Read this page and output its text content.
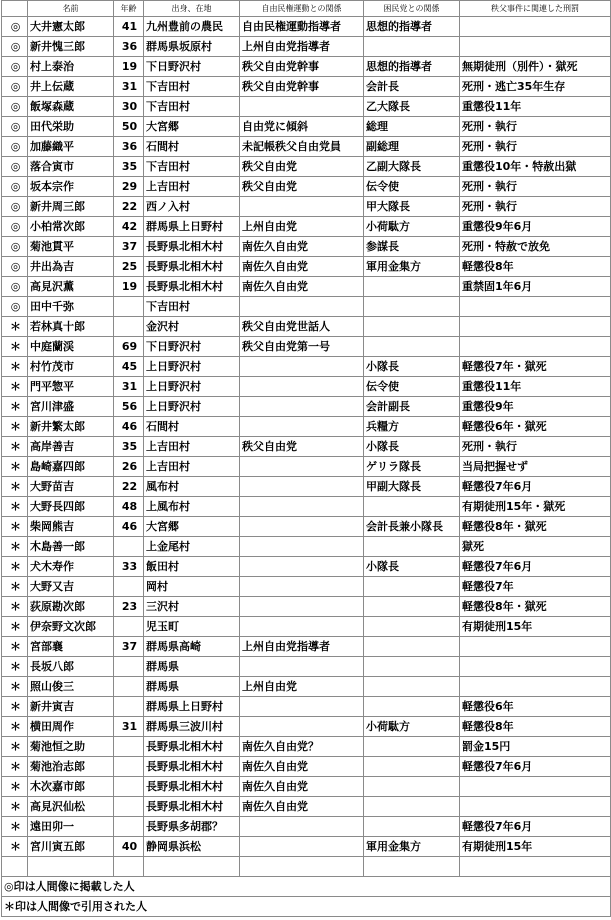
	名前	年齢	出身、在地	自由民権運動との関係	困民党との関係	秩父事件に関連した刑罰
◎	大井憲太郎	41	九州豊前の農民	自由民権運動指導者	思想的指導者	
◎	新井愧三郎	36	群馬県坂原村	上州自由党指導者		
◎	村上泰治	19	下日野沢村	秩父自由党幹事	思想的指導者	無期徒刑（別件）・獄死
◎	井上伝蔵	31	下吉田村	秩父自由党幹事	会計長	死刑・逃亡35年生存
◎	飯塚森蔵	30	下吉田村		乙大隊長	重懲役11年
◎	田代栄助	50	大宮郷	自由党に傾斜	総理	死刑・執行
◎	加藤織平	36	石間村	未記帳秩父自由党員	副総理	死刑・執行
◎	落合寅市	35	下吉田村	秩父自由党	乙副大隊長	重懲役10年・特赦出獄
◎	坂本宗作	29	上吉田村	秩父自由党	伝令使	死刑・執行
◎	新井周三郎	22	西ノ入村		甲大隊長	死刑・執行
◎	小柏常次郎	42	群馬県上日野村	上州自由党	小荷駄方	重懲役9年6月
◎	菊池貫平	37	長野県北相木村	南佐久自由党	参謀長	死刑・特赦で放免
◎	井出為吉	25	長野県北相木村	南佐久自由党	軍用金集方	軽懲役8年
◎	高見沢薫	19	長野県北相木村	南佐久自由党		重禁固1年6月
◎	田中千弥		下吉田村			
＊	若林真十郎		金沢村	秩父自由党世話人		
＊	中庭蘭渓	69	下日野沢村	秩父自由党第一号		
＊	村竹茂市	45	上日野沢村		小隊長	軽懲役7年・獄死
＊	門平惣平	31	上日野沢村		伝令使	重懲役11年
＊	宮川津盛	56	上日野沢村		会計副長	重懲役9年
＊	新井繁太郎	46	石間村		兵糧方	軽懲役6年・獄死
＊	高岸善吉	35	上吉田村	秩父自由党	小隊長	死刑・執行
＊	島崎嘉四郎	26	上吉田村		ゲリラ隊長	当局把握せず
＊	大野苗吉	22	風布村		甲副大隊長	軽懲役7年6月
＊	大野長四郎	48	上風布村			有期徒刑15年・獄死
＊	柴岡熊吉	46	大宮郷		会計長兼小隊長	軽懲役8年・獄死
＊	木島善一郎		上金尾村			獄死
＊	犬木寿作	33	飯田村		小隊長	軽懲役7年6月
＊	大野又吉		岡村			軽懲役7年
＊	荻原勘次郎	23	三沢村			軽懲役8年・獄死
＊	伊奈野文次郎		児玉町			有期徒刑15年
＊	宮部襄	37	群馬県高崎	上州自由党指導者		
＊	長坂八郎		群馬県			
＊	照山俊三		群馬県	上州自由党		
＊	新井寅吉		群馬県上日野村			軽懲役6年
＊	横田周作	31	群馬県三波川村		小荷駄方	軽懲役8年
＊	菊池恒之助		長野県北相木村	南佐久自由党？		罰金15円
＊	菊池治志郎		長野県北相木村	南佐久自由党		軽懲役7年6月
＊	木次嘉市郎		長野県北相木村	南佐久自由党		
＊	高見沢仙松		長野県北相木村	南佐久自由党		
＊	遠田卯一		長野県多胡郡？			軽懲役7年6月
＊	宮川寅五郎	40	静岡県浜松		軍用金集方	有期徒刑15年

◎印は人間像に掲載した人						
＊印は人間像で引用された人						
